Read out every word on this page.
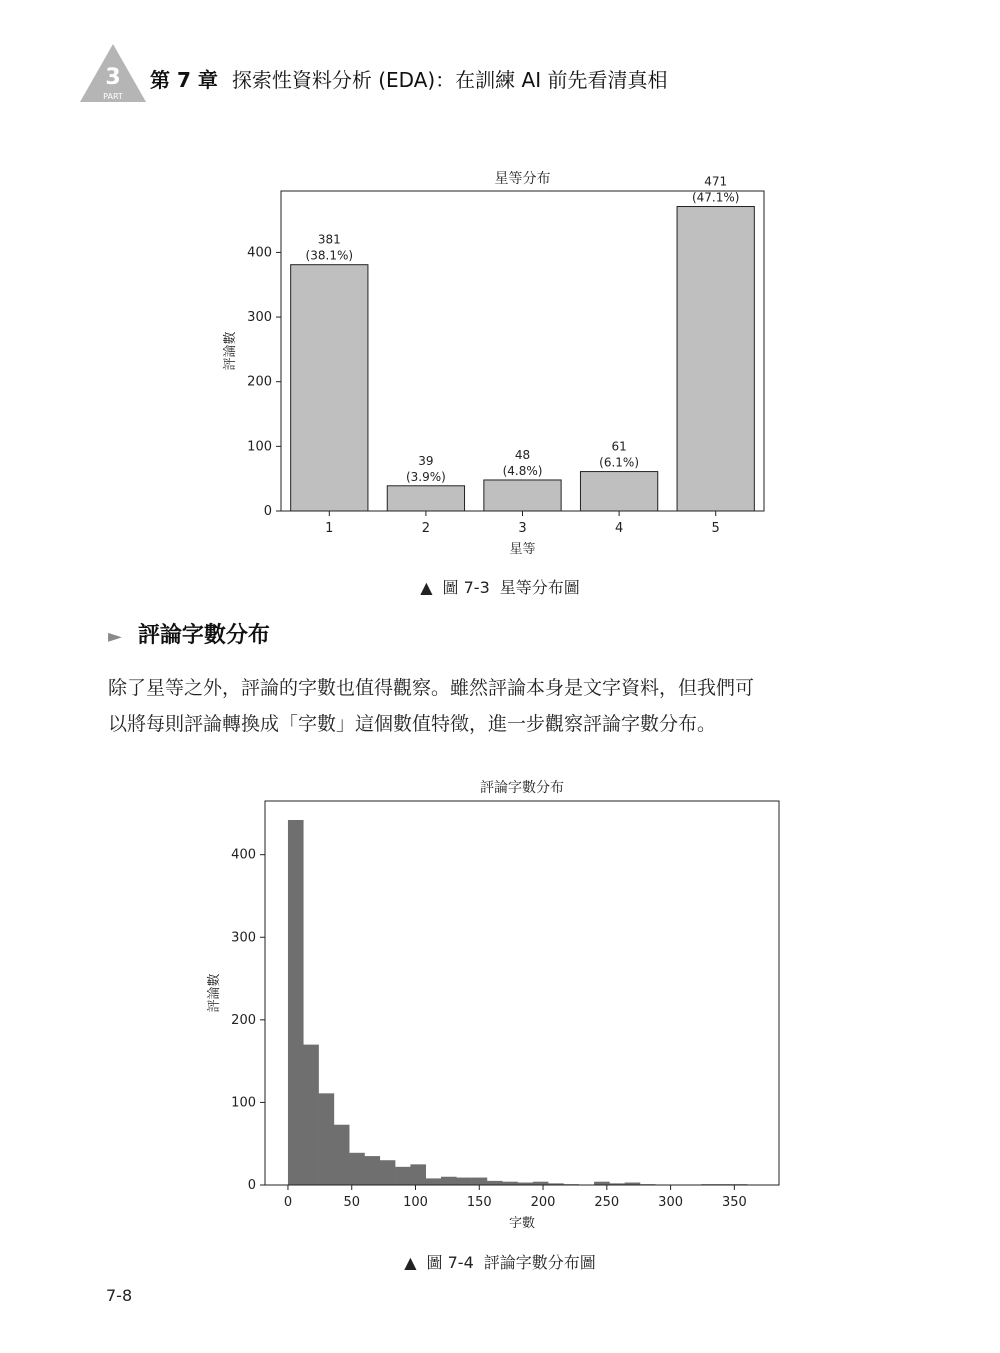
3
PART
第 7 章 探索性資料分析 (EDA)：在訓練 AI 前先看清真相
星等分布
381
(38.1%)
1
39
(3.9%)
2
48
(4.8%)
3
61
(6.1%)
4
471
(47.1%)
5
0
100
200
300
400
星等
評論數
▲ 圖 7-3 星等分布圖
► 評論字數分布
除了星等之外，評論的字數也值得觀察。雖然評論本身是文字資料，但我們可
以將每則評論轉換成「字數」這個數值特徵，進一步觀察評論字數分布。
評論字數分布
0	50	100	150	200	250	300	350
0
100
200
300
400
字數
評論數
▲ 圖 7-4 評論字數分布圖
7-8
